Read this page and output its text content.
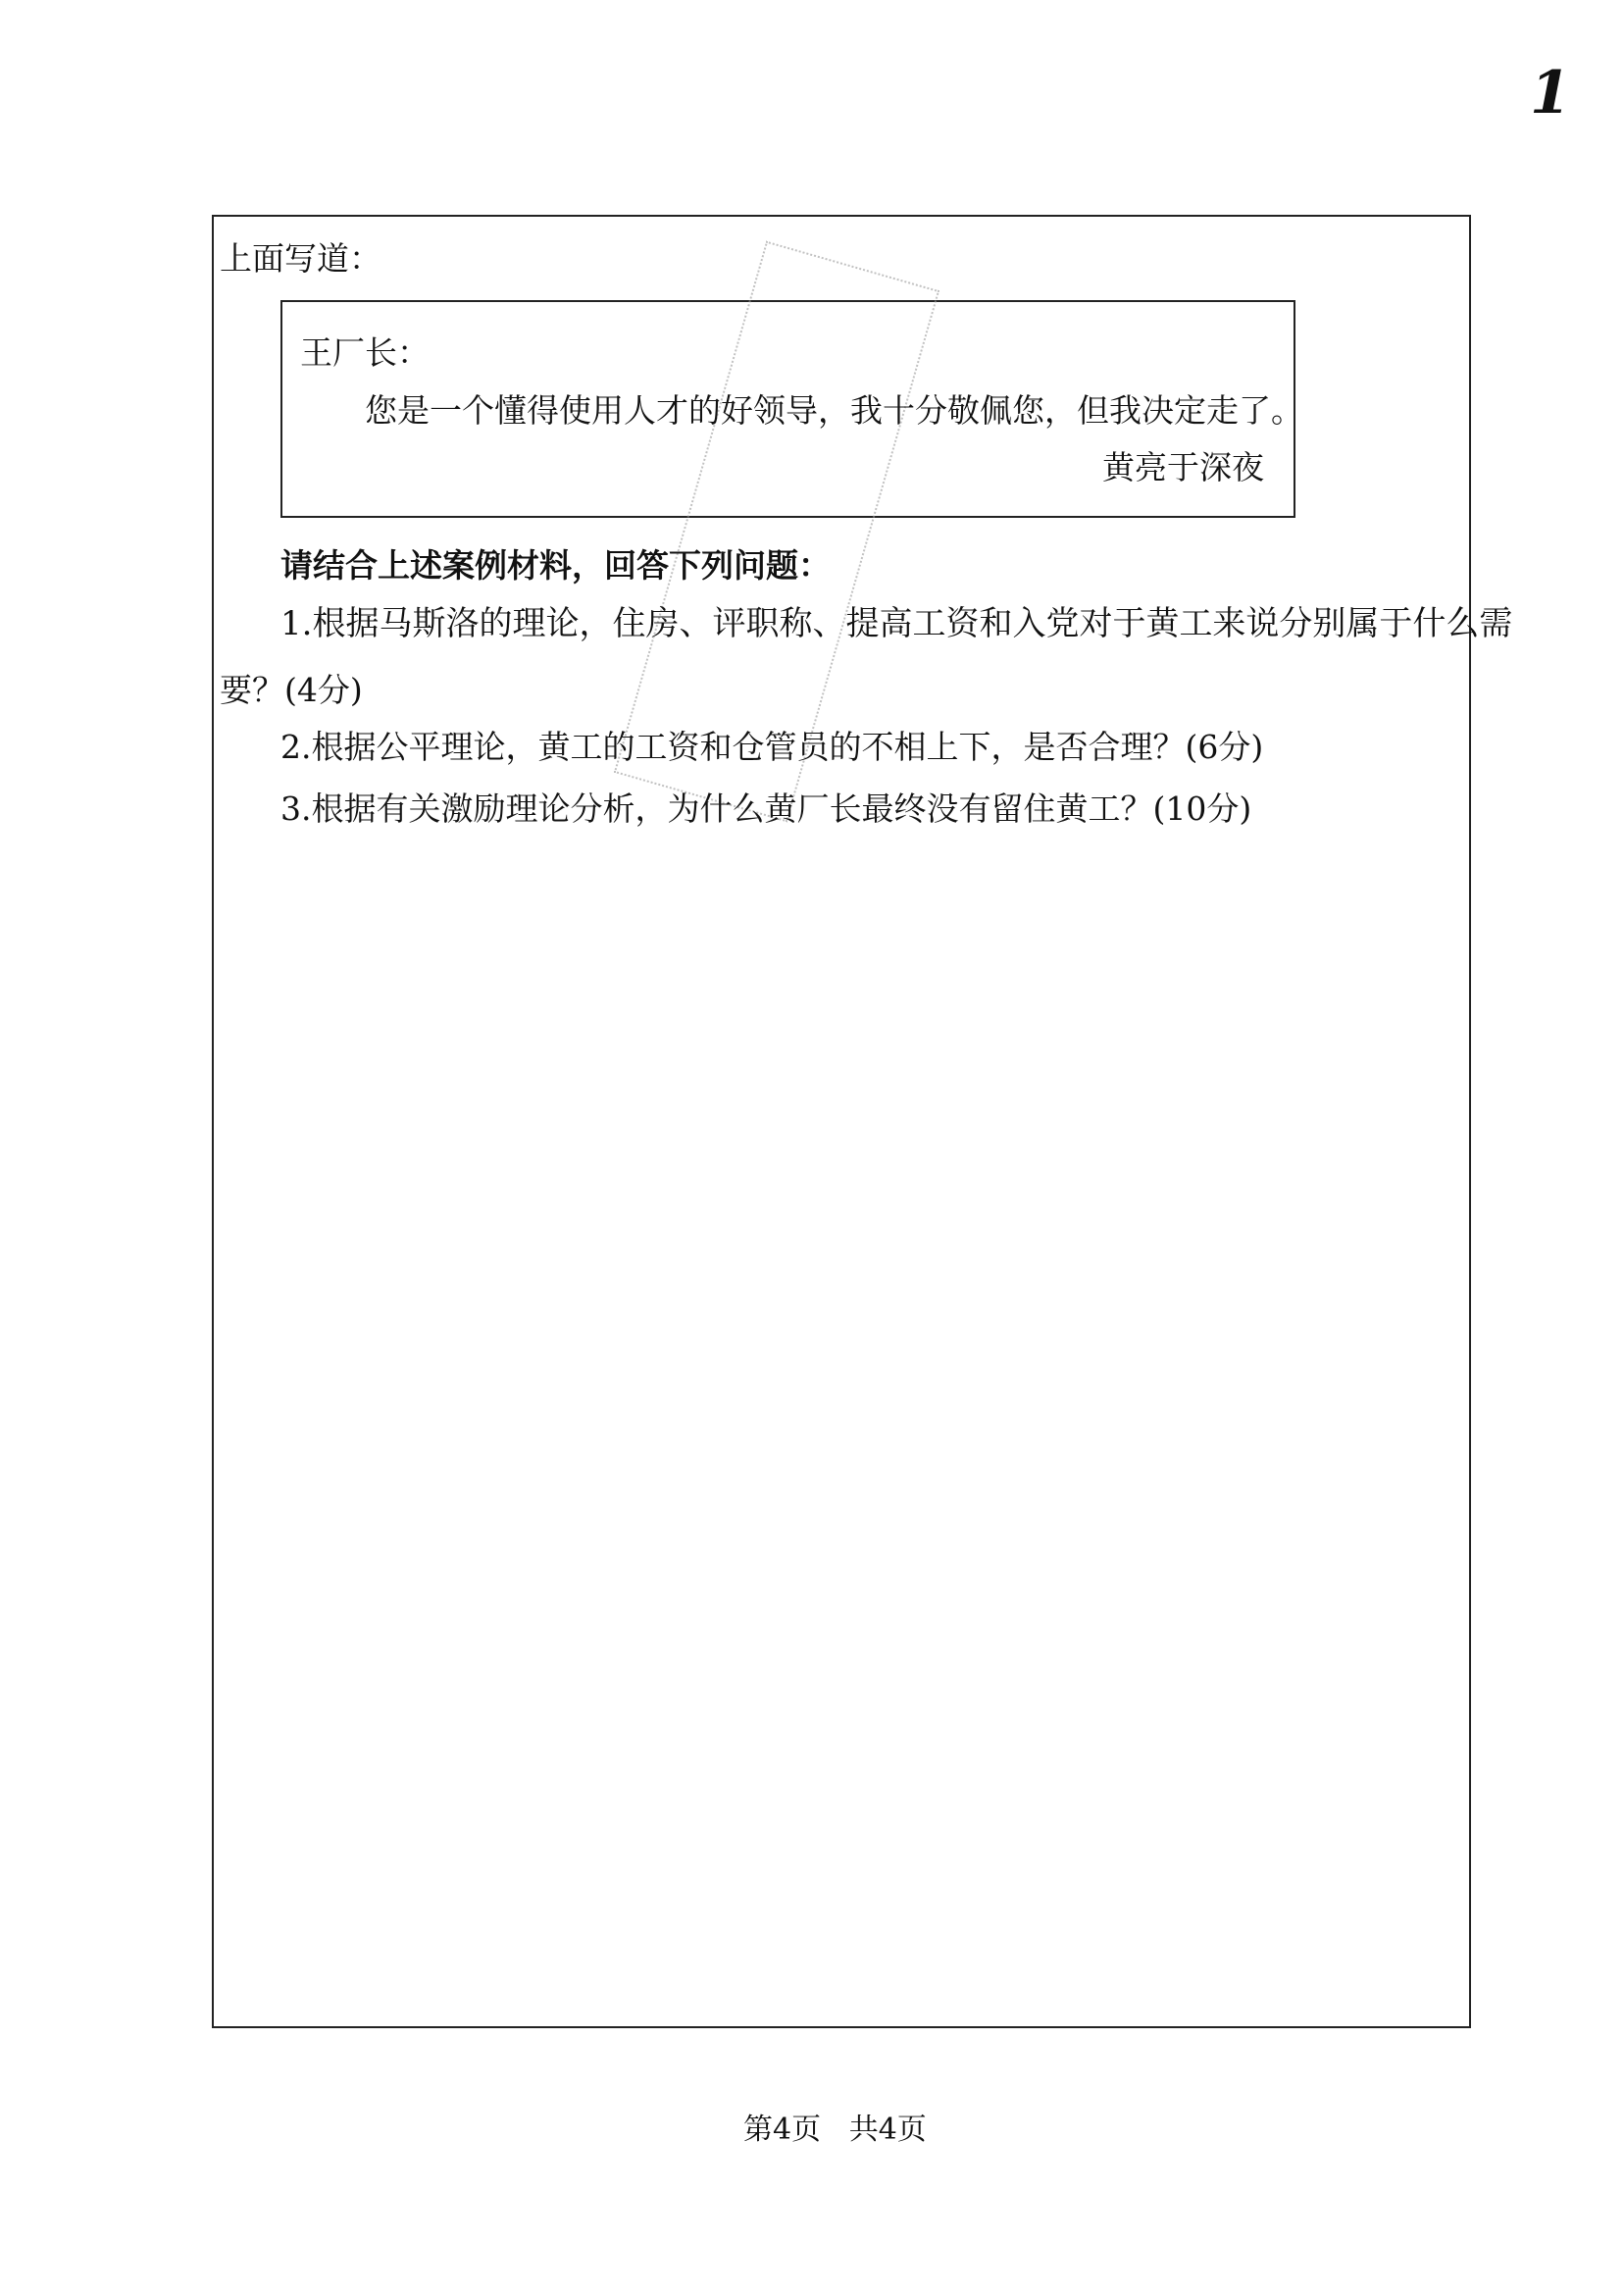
1
上面写道：
王厂长：
您是一个懂得使用人才的好领导，我十分敬佩您，但我决定走了。
黄亮于深夜
请结合上述案例材料，回答下列问题：
1.根据马斯洛的理论，住房、评职称、提高工资和入党对于黄工来说分别属于什么需
要？(4分)
2.根据公平理论，黄工的工资和仓管员的不相上下，是否合理？(6分)
3.根据有关激励理论分析，为什么黄厂长最终没有留住黄工？(10分)
第4页 共4页
